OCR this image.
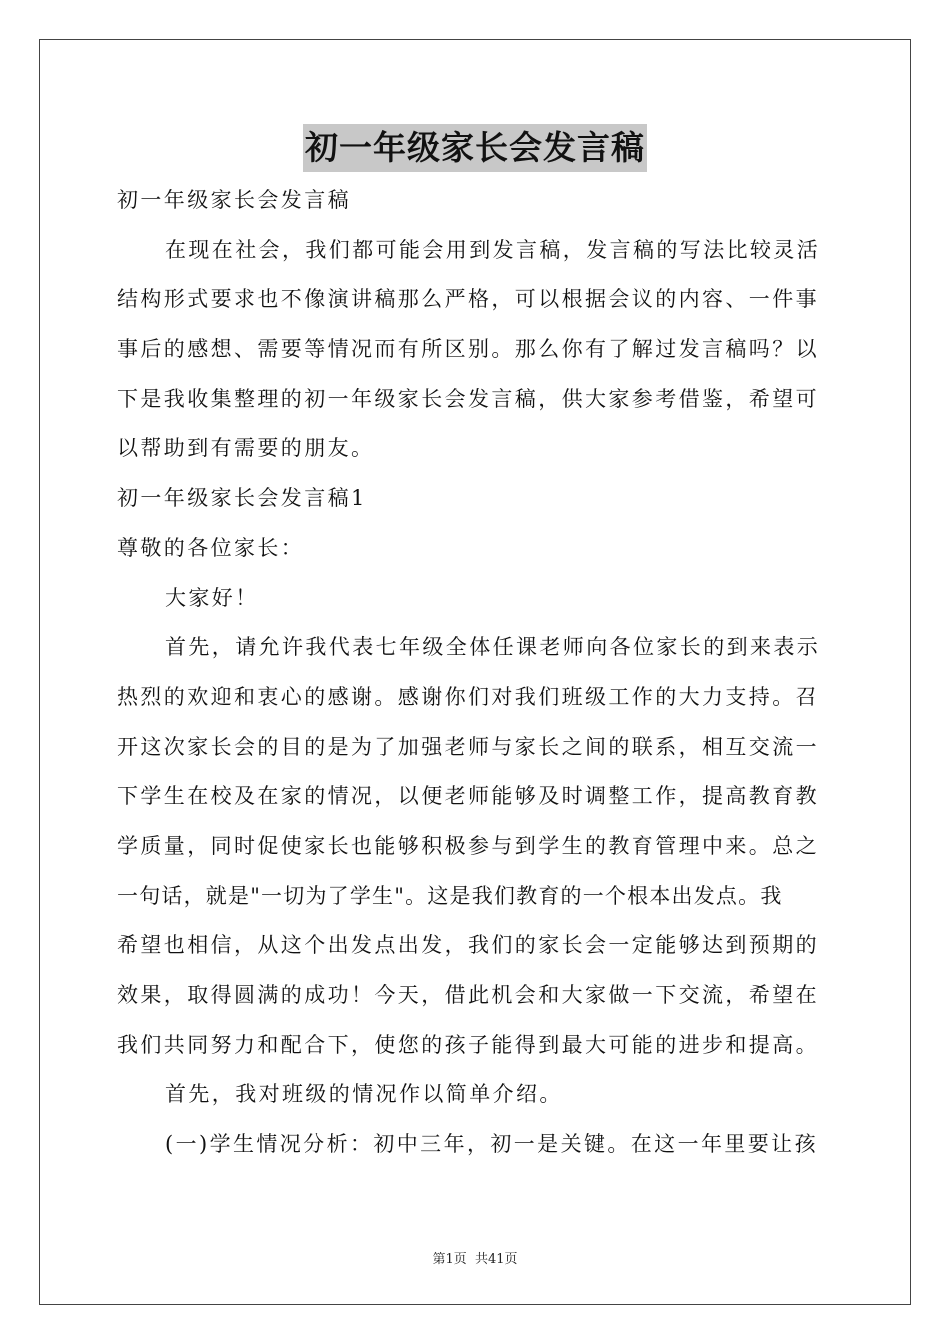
初一年级家长会发言稿
初一年级家长会发言稿
在现在社会，我们都可能会用到发言稿，发言稿的写法比较灵活
结构形式要求也不像演讲稿那么严格，可以根据会议的内容、一件事
事后的感想、需要等情况而有所区别。那么你有了解过发言稿吗？以
下是我收集整理的初一年级家长会发言稿，供大家参考借鉴，希望可
以帮助到有需要的朋友。
初一年级家长会发言稿1
尊敬的各位家长：
大家好！
首先，请允许我代表七年级全体任课老师向各位家长的到来表示
热烈的欢迎和衷心的感谢。感谢你们对我们班级工作的大力支持。召
开这次家长会的目的是为了加强老师与家长之间的联系，相互交流一
下学生在校及在家的情况，以便老师能够及时调整工作，提高教育教
学质量，同时促使家长也能够积极参与到学生的教育管理中来。总之
一句话，就是"一切为了学生"。这是我们教育的一个根本出发点。我
希望也相信，从这个出发点出发，我们的家长会一定能够达到预期的
效果，取得圆满的成功！今天，借此机会和大家做一下交流，希望在
我们共同努力和配合下，使您的孩子能得到最大可能的进步和提高。
首先，我对班级的情况作以简单介绍。
(一)学生情况分析：初中三年，初一是关键。在这一年里要让孩
第1页 共41页
